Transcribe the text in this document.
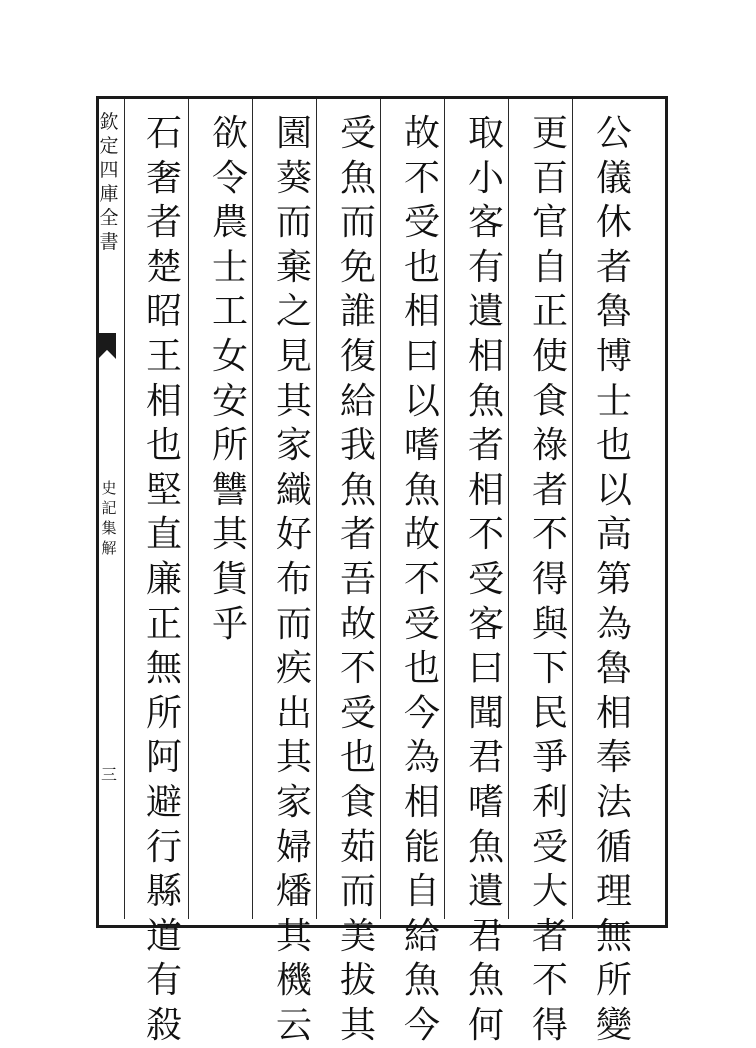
欽
定
四
庫
全
書
史
記
集
解
三
公
儀
休
者
魯
博
士
也
以
高
第
為
魯
相
奉
法
循
理
無
所
變
更
百
官
自
正
使
食
祿
者
不
得
與
下
民
爭
利
受
大
者
不
得
取
小
客
有
遺
相
魚
者
相
不
受
客
曰
聞
君
嗜
魚
遺
君
魚
何
故
不
受
也
相
曰
以
嗜
魚
故
不
受
也
今
為
相
能
自
給
魚
今
受
魚
而
免
誰
復
給
我
魚
者
吾
故
不
受
也
食
茹
而
美
拔
其
園
葵
而
棄
之
見
其
家
織
好
布
而
疾
出
其
家
婦
燔
其
機
云
欲
令
農
士
工
女
安
所
讐
其
貨
乎
石
奢
者
楚
昭
王
相
也
堅
直
廉
正
無
所
阿
避
行
縣
道
有
殺
